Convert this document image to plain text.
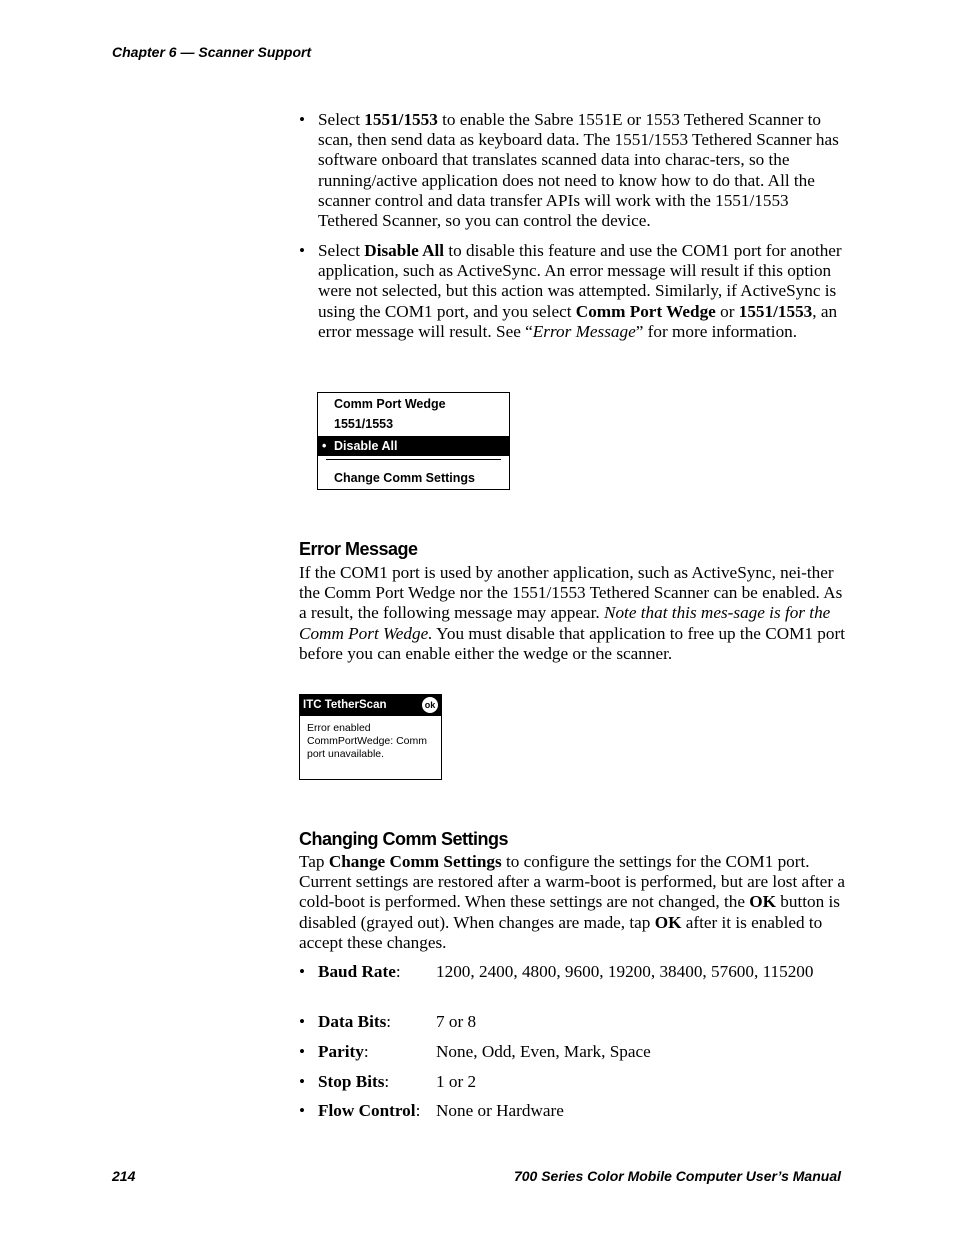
Chapter 6 — Scanner Support
• Select 1551/1553 to enable the Sabre 1551E or 1553 Tethered Scanner to scan, then send data as keyboard data. The 1551/1553 Tethered Scanner has software onboard that translates scanned data into charac-ters, so the running/active application does not need to know how to do that. All the scanner control and data transfer APIs will work with the 1551/1553 Tethered Scanner, so you can control the device.
• Select Disable All to disable this feature and use the COM1 port for another application, such as ActiveSync. An error message will result if this option were not selected, but this action was attempted. Similarly, if ActiveSync is using the COM1 port, and you select Comm Port Wedge or 1551/1553, an error message will result. See “Error Message” for more information.
Comm Port Wedge
1551/1553
• Disable All
Change Comm Settings
Error Message
If the COM1 port is used by another application, such as ActiveSync, nei-ther the Comm Port Wedge nor the 1551/1553 Tethered Scanner can be enabled. As a result, the following message may appear. Note that this mes-sage is for the Comm Port Wedge. You must disable that application to free up the COM1 port before you can enable either the wedge or the scanner.
ITC TetherScan	ok
Error enabled CommPortWedge: Comm port unavailable.
Changing Comm Settings
Tap Change Comm Settings to configure the settings for the COM1 port. Current settings are restored after a warm-boot is performed, but are lost after a cold-boot is performed. When these settings are not changed, the OK button is disabled (grayed out). When changes are made, tap OK after it is enabled to accept these changes.
• Baud Rate: 1200, 2400, 4800, 9600, 19200, 38400, 57600, 115200
• Data Bits:	7 or 8
• Parity:	None, Odd, Even, Mark, Space
• Stop Bits:	1 or 2
• Flow Control: None or Hardware
214	700 Series Color Mobile Computer User’s Manual
